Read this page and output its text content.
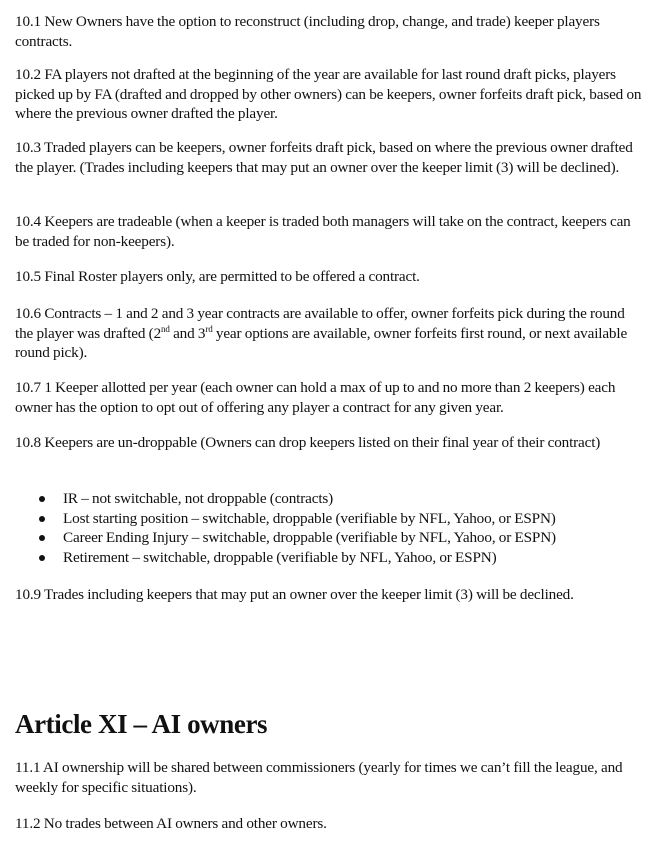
10.1 New Owners have the option to reconstruct (including drop, change, and trade) keeper players contracts.

10.2 FA players not drafted at the beginning of the year are available for last round draft picks, players picked up by FA (drafted and dropped by other owners) can be keepers, owner forfeits draft pick, based on where the previous owner drafted the player.

10.3 Traded players can be keepers, owner forfeits draft pick, based on where the previous owner drafted the player. (Trades including keepers that may put an owner over the keeper limit (3) will be declined).

10.4 Keepers are tradeable (when a keeper is traded both managers will take on the contract, keepers can be traded for non-keepers).

10.5 Final Roster players only, are permitted to be offered a contract.

10.6 Contracts – 1 and 2 and 3 year contracts are available to offer, owner forfeits pick during the round the player was drafted (2nd and 3rd year options are available, owner forfeits first round, or next available round pick).

10.7 1 Keeper allotted per year (each owner can hold a max of up to and no more than 2 keepers) each owner has the option to opt out of offering any player a contract for any given year.

10.8 Keepers are un-droppable (Owners can drop keepers listed on their final year of their contract)

IR – not switchable, not droppable (contracts)
Lost starting position – switchable, droppable (verifiable by NFL, Yahoo, or ESPN)
Career Ending Injury – switchable, droppable (verifiable by NFL, Yahoo, or ESPN)
Retirement – switchable, droppable (verifiable by NFL, Yahoo, or ESPN)

10.9 Trades including keepers that may put an owner over the keeper limit (3) will be declined.

Article XI – AI owners

11.1 AI ownership will be shared between commissioners (yearly for times we can’t fill the league, and weekly for specific situations).

11.2 No trades between AI owners and other owners.
